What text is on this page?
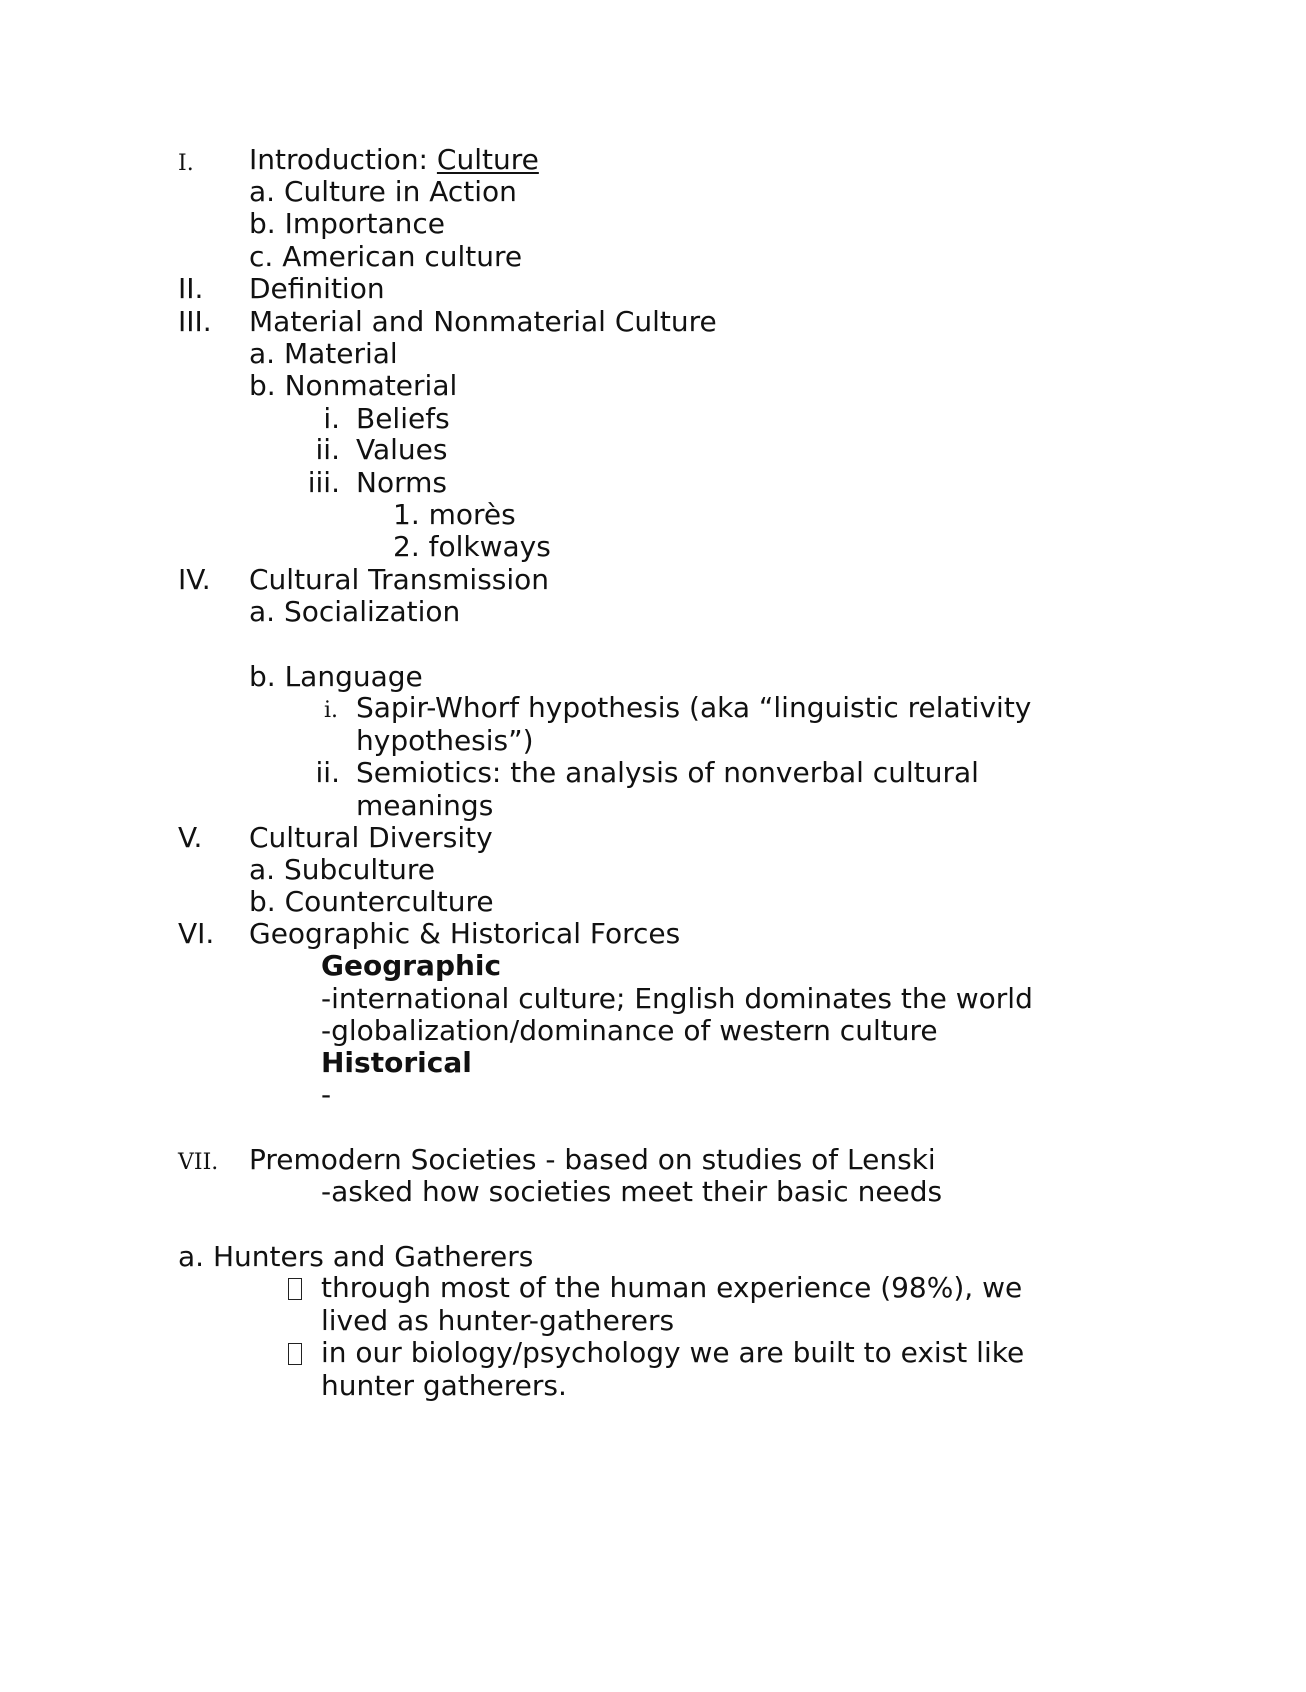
I. Introduction: Culture
a. Culture in Action
b. Importance
c. American culture
II. Definition
III. Material and Nonmaterial Culture
a. Material
b. Nonmaterial
i. Beliefs
ii. Values
iii. Norms
1. morès
2. folkways
IV. Cultural Transmission
a. Socialization
b. Language
i. Sapir-Whorf hypothesis (aka “linguistic relativity
hypothesis”)
ii. Semiotics: the analysis of nonverbal cultural
meanings
V. Cultural Diversity
a. Subculture
b. Counterculture
VI. Geographic & Historical Forces
Geographic
-international culture; English dominates the world
-globalization/dominance of western culture
Historical
-
VII. Premodern Societies - based on studies of Lenski
-asked how societies meet their basic needs
a. Hunters and Gatherers
through most of the human experience (98%), we
lived as hunter-gatherers
in our biology/psychology we are built to exist like
hunter gatherers.
